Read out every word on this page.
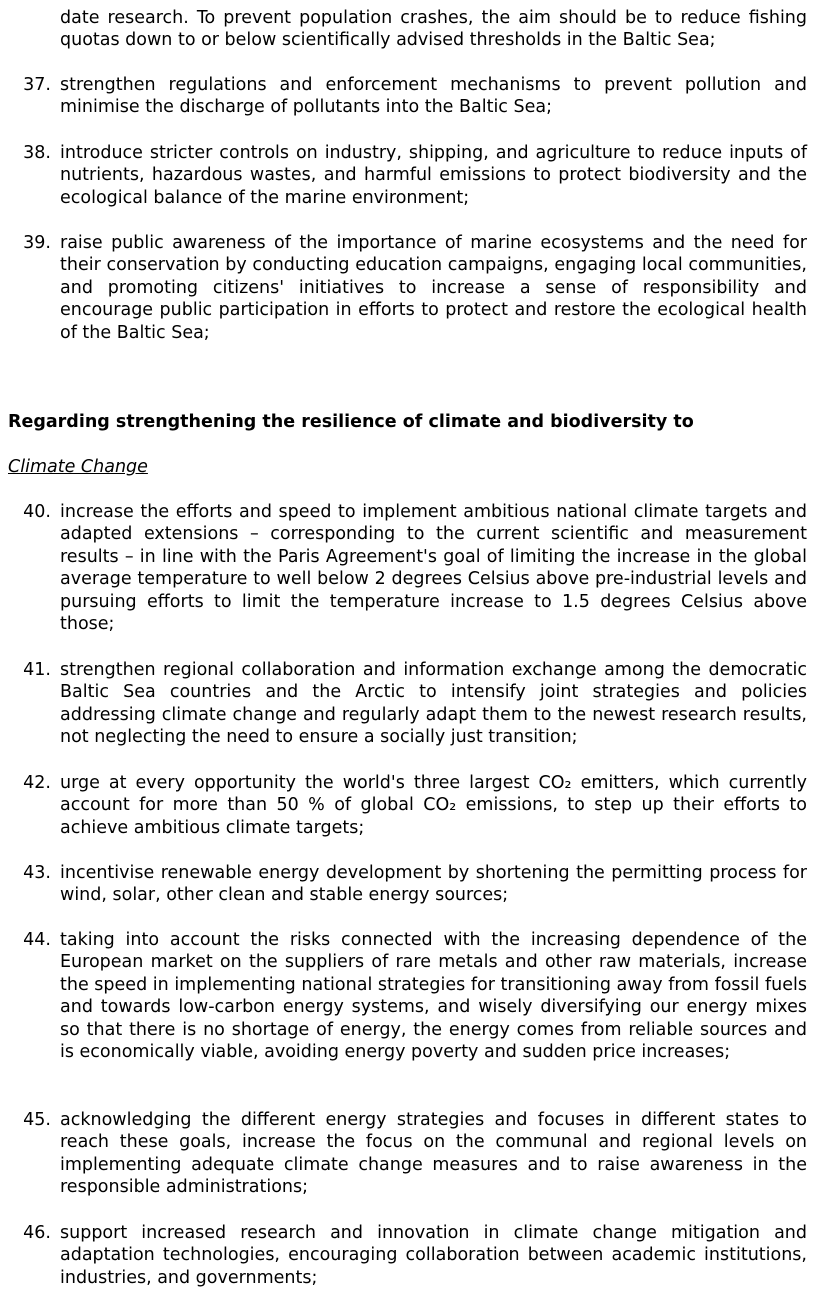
date research. To prevent population crashes, the aim should be to reduce fishing quotas down to or below scientifically advised thresholds in the Baltic Sea;

37. strengthen regulations and enforcement mechanisms to prevent pollution and minimise the discharge of pollutants into the Baltic Sea;

38. introduce stricter controls on industry, shipping, and agriculture to reduce inputs of nutrients, hazardous wastes, and harmful emissions to protect biodiversity and the ecological balance of the marine environment;

39. raise public awareness of the importance of marine ecosystems and the need for their conservation by conducting education campaigns, engaging local communities, and promoting citizens' initiatives to increase a sense of responsibility and encourage public participation in efforts to protect and restore the ecological health of the Baltic Sea;

Regarding strengthening the resilience of climate and biodiversity to

Climate Change

40. increase the efforts and speed to implement ambitious national climate targets and adapted extensions – corresponding to the current scientific and measurement results – in line with the Paris Agreement's goal of limiting the increase in the global average temperature to well below 2 degrees Celsius above pre-industrial levels and pursuing efforts to limit the temperature increase to 1.5 degrees Celsius above those;

41. strengthen regional collaboration and information exchange among the democratic Baltic Sea countries and the Arctic to intensify joint strategies and policies addressing climate change and regularly adapt them to the newest research results, not neglecting the need to ensure a socially just transition;

42. urge at every opportunity the world's three largest CO₂ emitters, which currently account for more than 50 % of global CO₂ emissions, to step up their efforts to achieve ambitious climate targets;

43. incentivise renewable energy development by shortening the permitting process for wind, solar, other clean and stable energy sources;

44. taking into account the risks connected with the increasing dependence of the European market on the suppliers of rare metals and other raw materials, increase the speed in implementing national strategies for transitioning away from fossil fuels and towards low-carbon energy systems, and wisely diversifying our energy mixes so that there is no shortage of energy, the energy comes from reliable sources and is economically viable, avoiding energy poverty and sudden price increases;

45. acknowledging the different energy strategies and focuses in different states to reach these goals, increase the focus on the communal and regional levels on implementing adequate climate change measures and to raise awareness in the responsible administrations;

46. support increased research and innovation in climate change mitigation and adaptation technologies, encouraging collaboration between academic institutions, industries, and governments;
